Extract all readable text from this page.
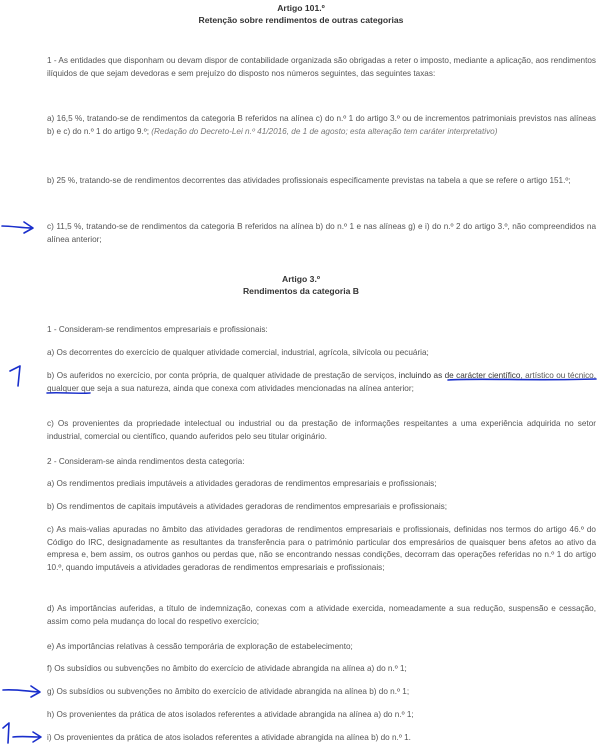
Artigo 101.º
Retenção sobre rendimentos de outras categorias

1 - As entidades que disponham ou devam dispor de contabilidade organizada são obrigadas a reter o imposto, mediante a aplicação, aos rendimentos ilíquidos de que sejam devedoras e sem prejuízo do disposto nos números seguintes, das seguintes taxas:

a) 16,5 %, tratando-se de rendimentos da categoria B referidos na alínea c) do n.º 1 do artigo 3.º ou de incrementos patrimoniais previstos nas alíneas b) e c) do n.º 1 do artigo 9.º; (Redação do Decreto-Lei n.º 41/2016, de 1 de agosto; esta alteração tem caráter interpretativo)

b) 25 %, tratando-se de rendimentos decorrentes das atividades profissionais especificamente previstas na tabela a que se refere o artigo 151.º;

c) 11,5 %, tratando-se de rendimentos da categoria B referidos na alínea b) do n.º 1 e nas alíneas g) e i) do n.º 2 do artigo 3.º, não compreendidos na alínea anterior;

Artigo 3.º
Rendimentos da categoria B

1 - Consideram-se rendimentos empresariais e profissionais:

a) Os decorrentes do exercício de qualquer atividade comercial, industrial, agrícola, silvícola ou pecuária;

b) Os auferidos no exercício, por conta própria, de qualquer atividade de prestação de serviços, incluindo as de carácter científico, artístico ou técnico, qualquer que seja a sua natureza, ainda que conexa com atividades mencionadas na alínea anterior;

c) Os provenientes da propriedade intelectual ou industrial ou da prestação de informações respeitantes a uma experiência adquirida no setor industrial, comercial ou científico, quando auferidos pelo seu titular originário.

2 - Consideram-se ainda rendimentos desta categoria:

a) Os rendimentos prediais imputáveis a atividades geradoras de rendimentos empresariais e profissionais;

b) Os rendimentos de capitais imputáveis a atividades geradoras de rendimentos empresariais e profissionais;

c) As mais-valias apuradas no âmbito das atividades geradoras de rendimentos empresariais e profissionais, definidas nos termos do artigo 46.º do Código do IRC, designadamente as resultantes da transferência para o património particular dos empresários de quaisquer bens afetos ao ativo da empresa e, bem assim, os outros ganhos ou perdas que, não se encontrando nessas condições, decorram das operações referidas no n.º 1 do artigo 10.º, quando imputáveis a atividades geradoras de rendimentos empresariais e profissionais;

d) As importâncias auferidas, a título de indemnização, conexas com a atividade exercida, nomeadamente a sua redução, suspensão e cessação, assim como pela mudança do local do respetivo exercício;

e) As importâncias relativas à cessão temporária de exploração de estabelecimento;

f) Os subsídios ou subvenções no âmbito do exercício de atividade abrangida na alínea a) do n.º 1;

g) Os subsídios ou subvenções no âmbito do exercício de atividade abrangida na alínea b) do n.º 1;

h) Os provenientes da prática de atos isolados referentes a atividade abrangida na alínea a) do n.º 1;

i) Os provenientes da prática de atos isolados referentes a atividade abrangida na alínea b) do n.º 1.
